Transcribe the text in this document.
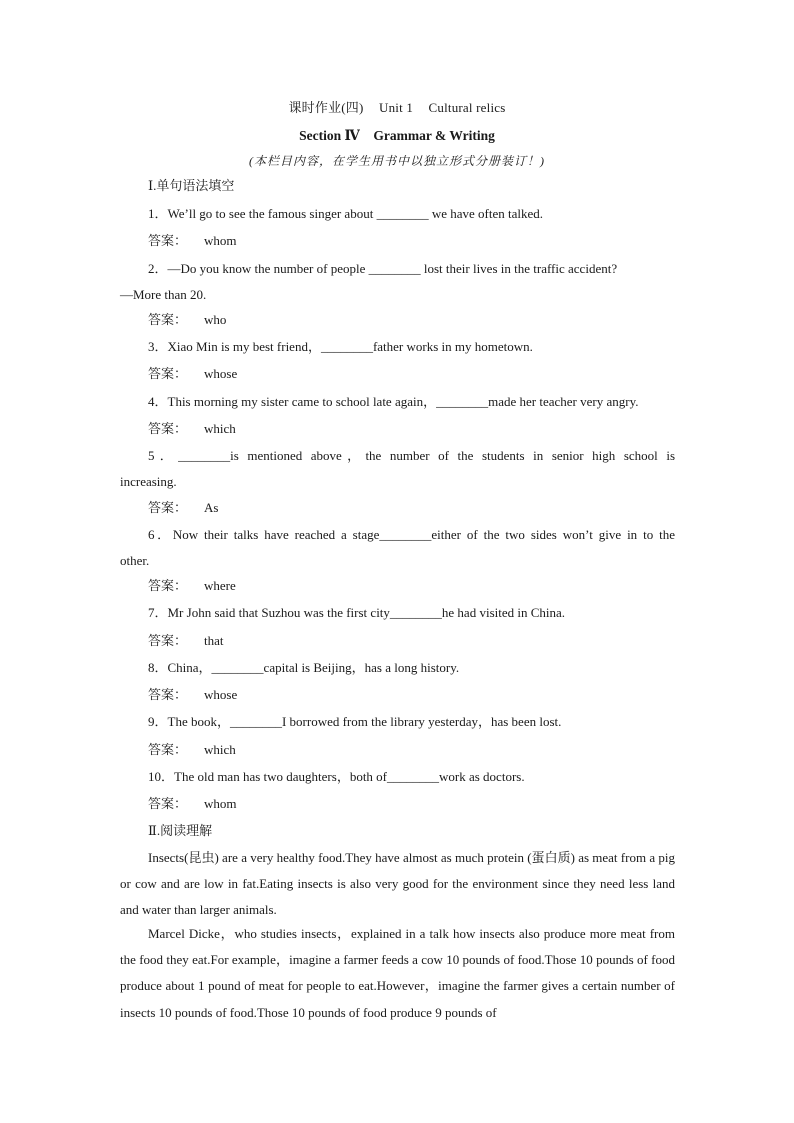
课时作业(四) Unit 1 Cultural relics
Section Ⅳ　Grammar & Writing
(本栏目内容，在学生用书中以独立形式分册装订！)
Ⅰ.单句语法填空
1．We’ll go to see the famous singer about ________ we have often talked.
答案： whom
2．—Do you know the number of people ________ lost their lives in the traffic accident?
—More than 20.
答案： who
3．Xiao Min is my best friend，________father works in my hometown.
答案： whose
4．This morning my sister came to school late again，________made her teacher very angry.
答案： which
5．________is mentioned above，the number of the students in senior high school is
increasing.
答案： As
6．Now their talks have reached a stage________either of the two sides won’t give in to the
other.
答案： where
7．Mr John said that Suzhou was the first city________he had visited in China.
答案： that
8．China，________capital is Beijing，has a long history.
答案： whose
9．The book，________I borrowed from the library yesterday，has been lost.
答案： which
10．The old man has two daughters，both of________work as doctors.
答案： whom
Ⅱ.阅读理解
Insects(昆虫) are a very healthy food.They have almost as much protein (蛋白质) as meat from a pig or cow and are low in fat.Eating insects is also very good for the environment since they need less land and water than larger animals.
Marcel Dicke，who studies insects，explained in a talk how insects also produce more meat from the food they eat.For example，imagine a farmer feeds a cow 10 pounds of food.Those 10 pounds of food produce about 1 pound of meat for people to eat.However，imagine the farmer gives a certain number of insects 10 pounds of food.Those 10 pounds of food produce 9 pounds of
